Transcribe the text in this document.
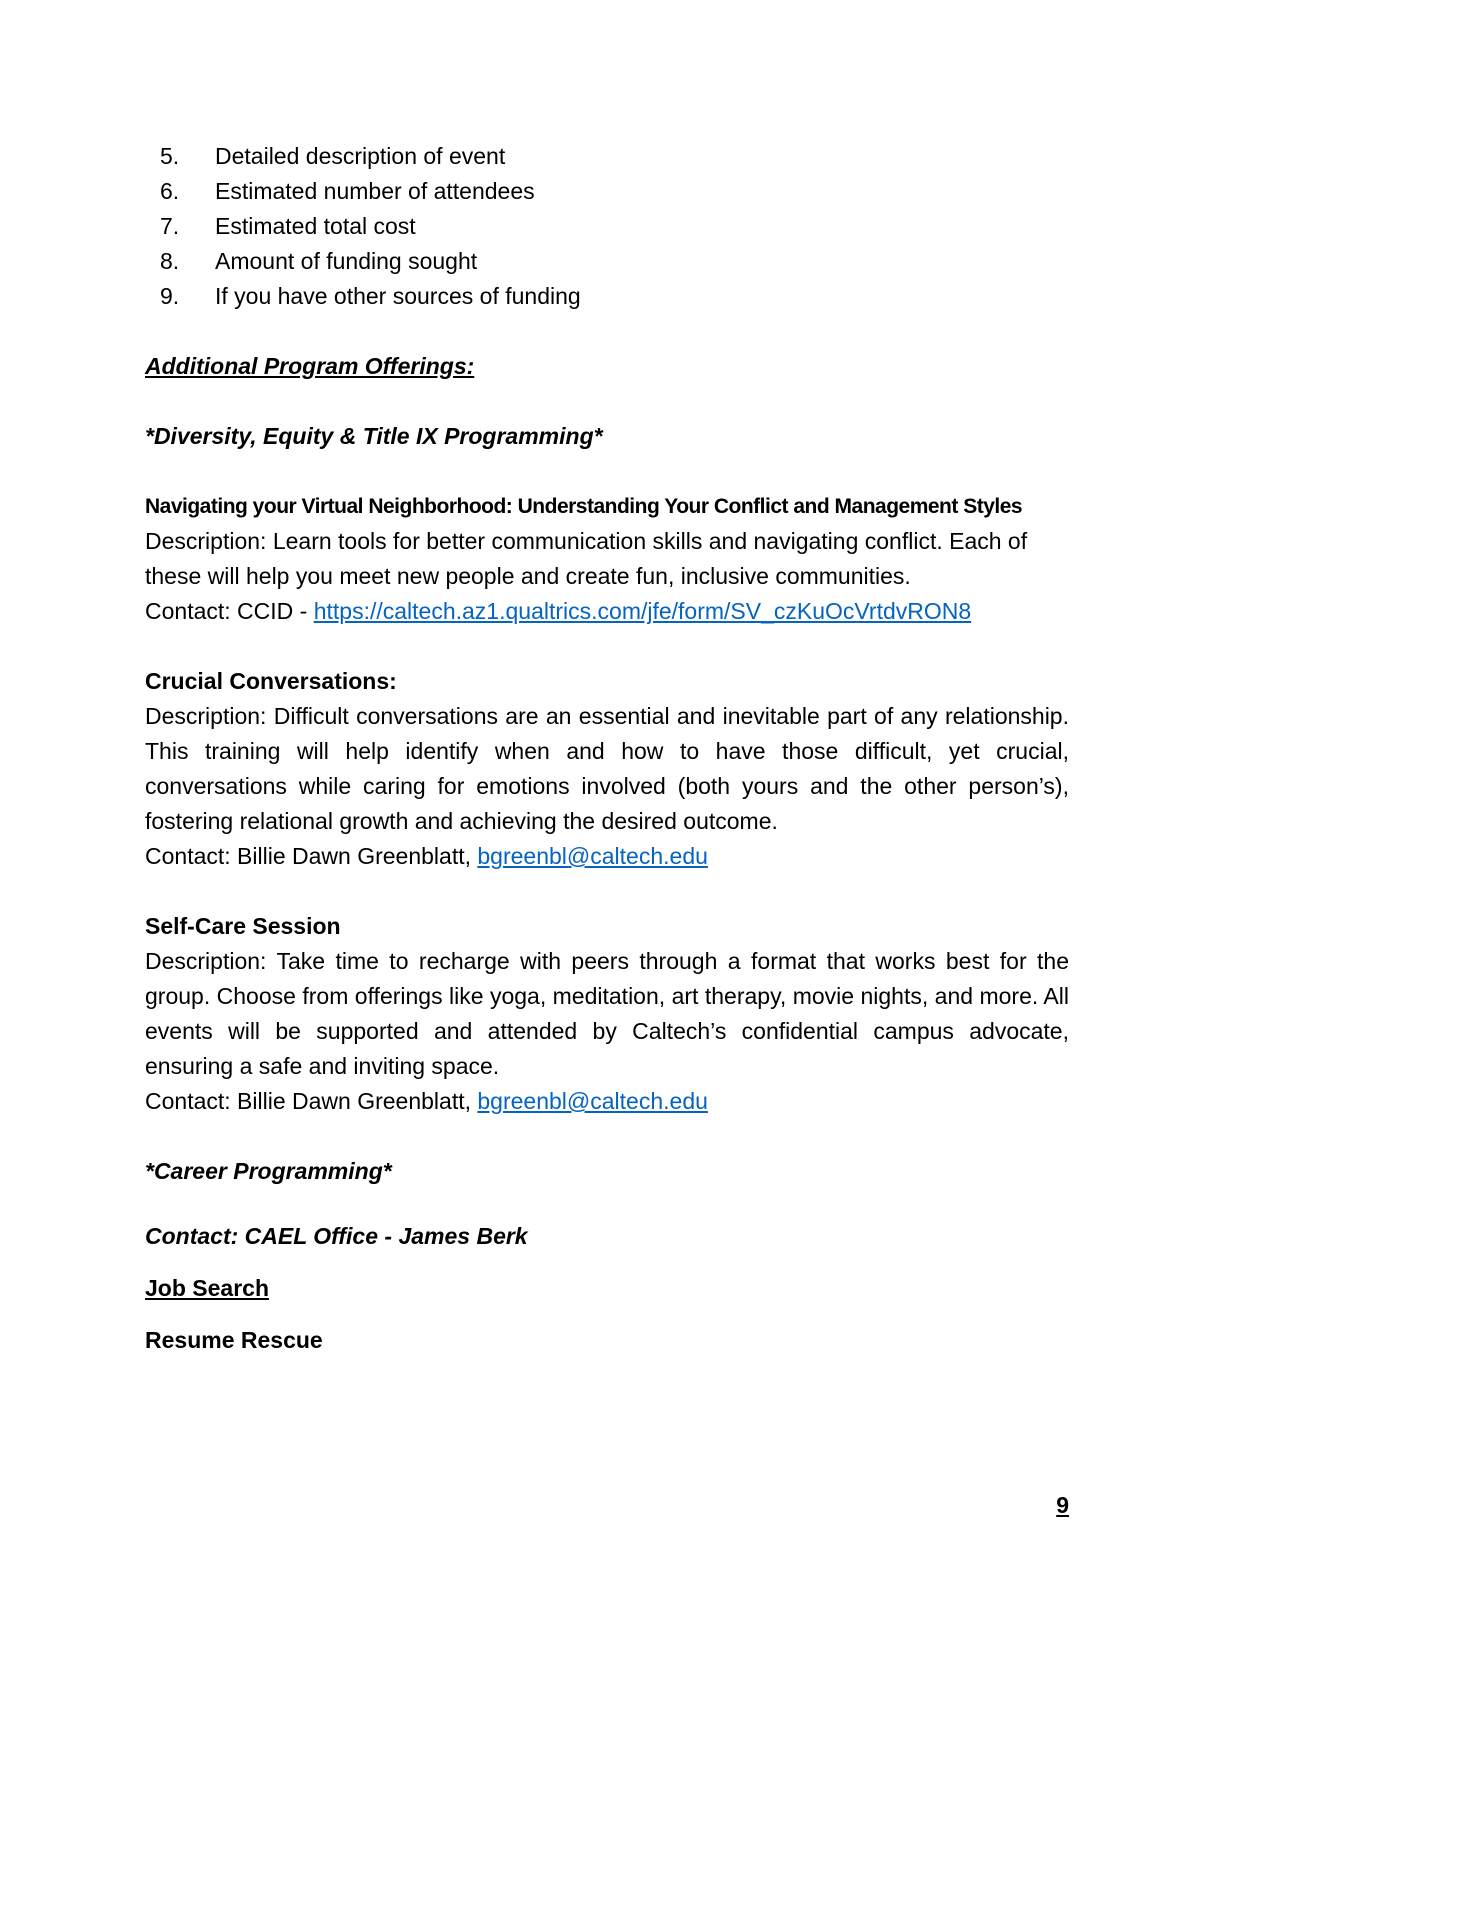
5.	Detailed description of event
6.	Estimated number of attendees
7.	Estimated total cost
8.	Amount of funding sought
9.	If you have other sources of funding
Additional Program Offerings:
*Diversity, Equity & Title IX Programming*
Navigating your Virtual Neighborhood: Understanding Your Conflict and Management Styles
Description: Learn tools for better communication skills and navigating conflict. Each of these will help you meet new people and create fun, inclusive communities.
Contact: CCID - https://caltech.az1.qualtrics.com/jfe/form/SV_czKuOcVrtdvRON8
Crucial Conversations:
Description: Difficult conversations are an essential and inevitable part of any relationship. This training will help identify when and how to have those difficult, yet crucial, conversations while caring for emotions involved (both yours and the other person’s), fostering relational growth and achieving the desired outcome.
Contact: Billie Dawn Greenblatt, bgreenbl@caltech.edu
Self-Care Session
Description: Take time to recharge with peers through a format that works best for the group. Choose from offerings like yoga, meditation, art therapy, movie nights, and more. All events will be supported and attended by Caltech’s confidential campus advocate, ensuring a safe and inviting space.
Contact: Billie Dawn Greenblatt, bgreenbl@caltech.edu
*Career Programming*
Contact: CAEL Office - James Berk
Job Search
Resume Rescue
9
